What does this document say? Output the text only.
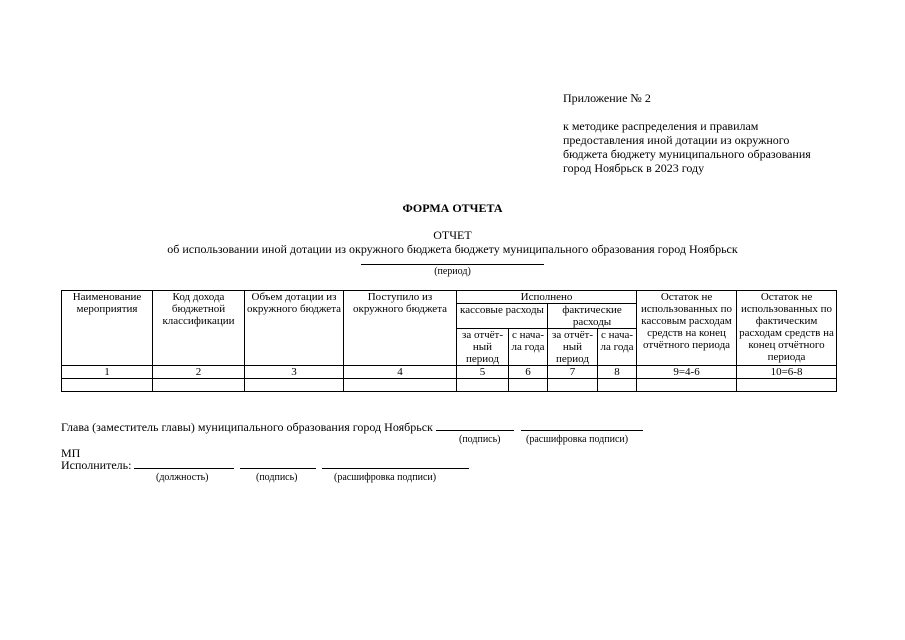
Приложение № 2
к методике распределения и правилам
предоставления иной дотации из окружного
бюджета бюджету муниципального образования
город Ноябрьск в 2023 году
ФОРМА ОТЧЕТА
ОТЧЕТ
об использовании иной дотации из окружного бюджета бюджету муниципального образования город Ноябрьск
(период)
Наименование мероприятия	Код дохода бюджетной классификации	Объем дотации из окружного бюджета	Поступило из окружного бюджета	Исполнено				Остаток не использованных по кассовым расходам средств на конец отчётного периода	Остаток не использованных по фактическим расходам средств на конец отчётного периода
				кассовые расходы		фактические расходы			
				за отчёт-ный период	с нача-ла года	за отчёт-ный период	с нача-ла года		
1	2	3	4	5	6	7	8	9=4-6	10=6-8

Глава (заместитель главы) муниципального образования город Ноябрьск
(подпись)	(расшифровка подписи)
МП
Исполнитель:
(должность)	(подпись)	(расшифровка подписи)
